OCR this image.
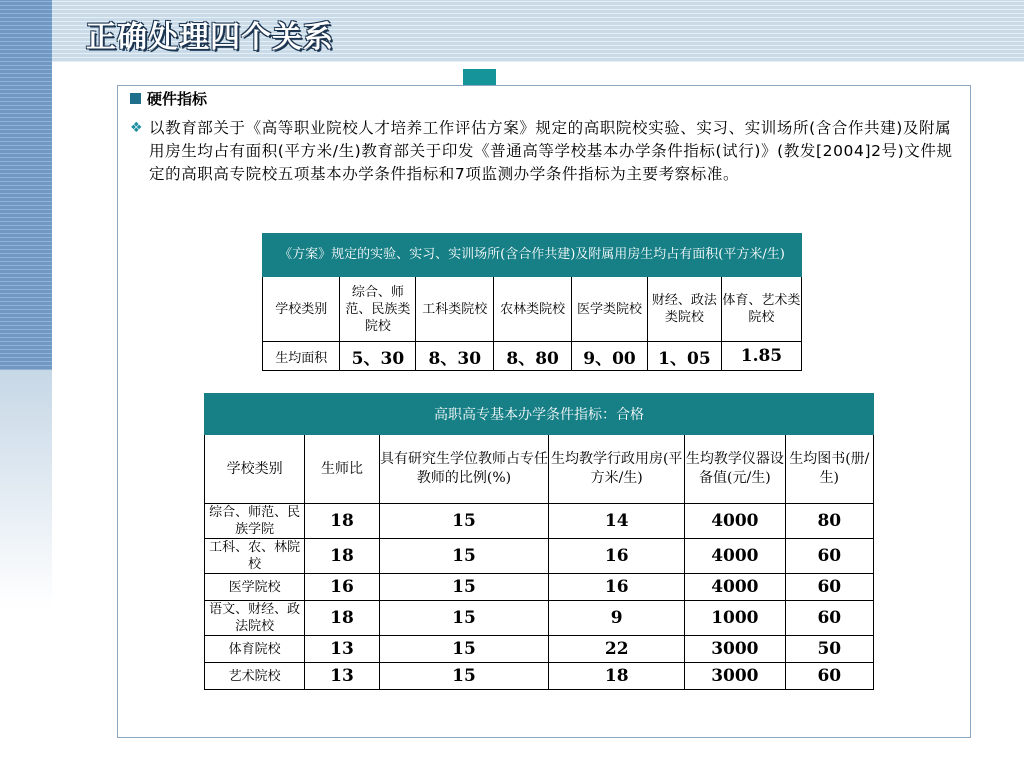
正确处理四个关系
硬件指标
❖ 以教育部关于《高等职业院校人才培养工作评估方案》规定的高职院校实验、实习、实训场所(含合作共建)及附属用房生均占有面积(平方米/生)教育部关于印发《普通高等学校基本办学条件指标(试行)》(教发[2004]2号)文件规定的高职高专院校五项基本办学条件指标和7项监测办学条件指标为主要考察标准。
《方案》规定的实验、实习、实训场所(含合作共建)及附属用房生均占有面积(平方米/生)						
学校类别	综合、师范、民族类院校	工科类院校	农林类院校	医学类院校	财经、政法类院校	体育、艺术类院校
生均面积	5、30	8、30	8、80	9、00	1、05	1.85
高职高专基本办学条件指标：合格					
学校类别	生师比	具有研究生学位教师占专任教师的比例(%)	生均教学行政用房(平方米/生)	生均教学仪器设备值(元/生)	生均图书(册/生)
综合、师范、民族学院	18	15	14	4000	80
工科、农、林院校	18	15	16	4000	60
医学院校	16	15	16	4000	60
语文、财经、政法院校	18	15	9	1000	60
体育院校	13	15	22	3000	50
艺术院校	13	15	18	3000	60
